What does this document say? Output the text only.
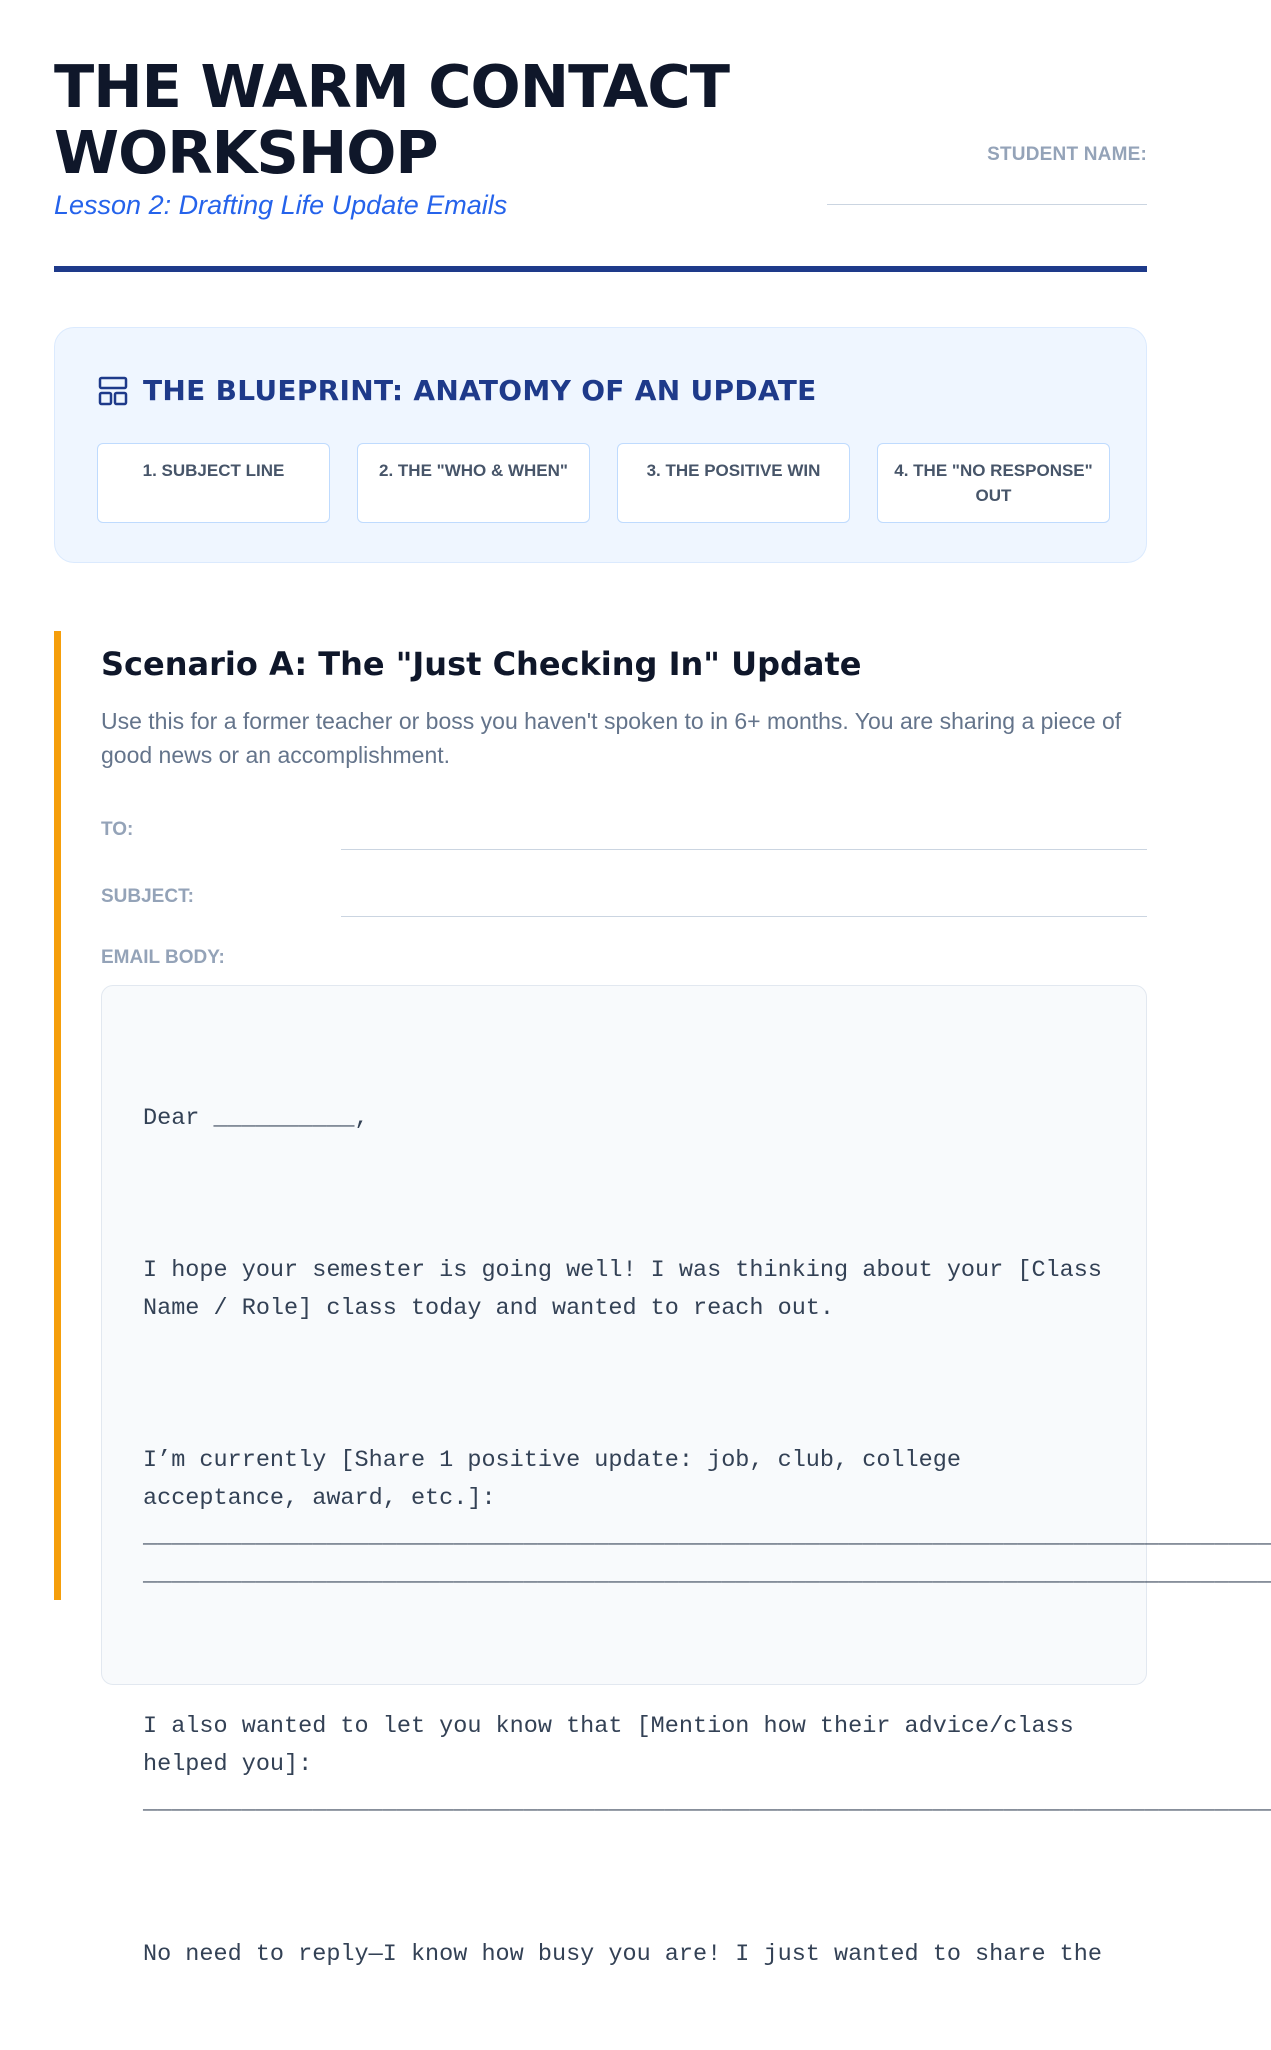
THE WARM CONTACT
WORKSHOP
Lesson 2: Drafting Life Update Emails
STUDENT NAME:
THE BLUEPRINT: ANATOMY OF AN UPDATE
1. SUBJECT LINE	2. THE "WHO & WHEN"	3. THE POSITIVE WIN	4. THE "NO RESPONSE" OUT
Scenario A: The "Just Checking In" Update

Use this for a former teacher or boss you haven't spoken to in 6+ months. You are sharing a piece of good news or an accomplishment.

TO:
SUBJECT:
EMAIL BODY:

Dear __________,

I hope your semester is going well! I was thinking about your [Class
Name / Role] class today and wanted to reach out.

I’m currently [Share 1 positive update: job, club, college
acceptance, award, etc.]:
________________________________________________________________________________
________________________________________________________________________________

I also wanted to let you know that [Mention how their advice/class
helped you]:
________________________________________________________________________________

No need to reply—I know how busy you are! I just wanted to share the
